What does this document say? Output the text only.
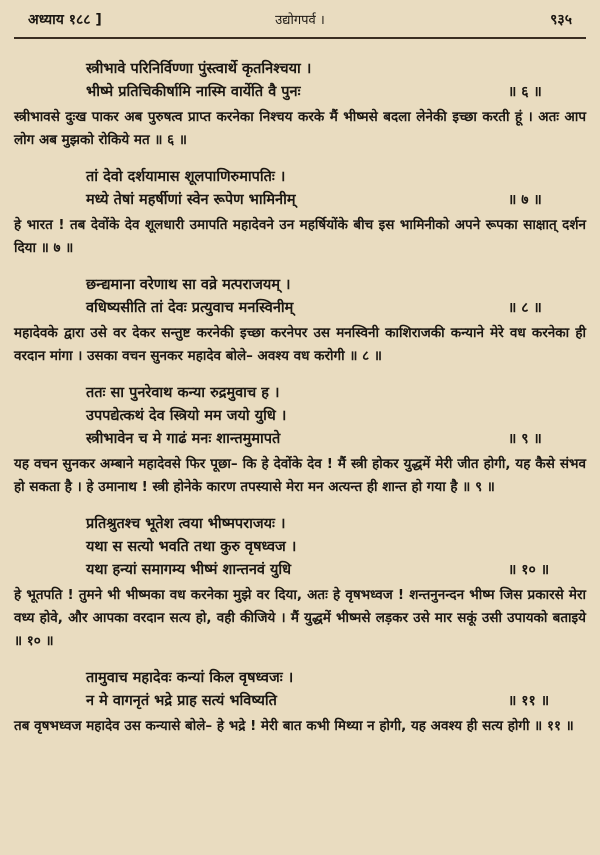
अध्याय १८८ ]	उद्योगपर्व ।	९३५
स्त्रीभावे परिनिर्विण्णा पुंस्त्वार्थे कृतनिश्चया ।
भीष्मे प्रतिचिकीर्षामि नास्मि वार्येति वै पुनः	॥ ६ ॥

स्त्रीभावसे दुःख पाकर अब पुरुषत्व प्राप्त करनेका निश्चय करके मैं भीष्मसे बदला लेनेकी इच्छा करती हूं । अतः आप लोग अब मुझको रोकिये मत ॥ ६ ॥

तां देवो दर्शयामास शूलपाणिरुमापतिः ।
मध्ये तेषां महर्षीणां स्वेन रूपेण भामिनीम्	॥ ७ ॥

हे भारत ! तब देवोंके देव शूलधारी उमापति महादेवने उन महर्षियोंके बीच इस भामिनीको अपने रूपका साक्षात् दर्शन दिया ॥ ७ ॥

छन्द्यमाना वरेणाथ सा वव्रे मत्पराजयम् ।
वधिष्यसीति तां देवः प्रत्युवाच मनस्विनीम्	॥ ८ ॥

महादेवके द्वारा उसे वर देकर सन्तुष्ट करनेकी इच्छा करनेपर उस मनस्विनी काशिराजकी कन्याने मेरे वध करनेका ही वरदान मांगा । उसका वचन सुनकर महादेव बोले– अवश्य वध करोगी ॥ ८ ॥

ततः सा पुनरेवाथ कन्या रुद्रमुवाच ह ।
उपपद्येत्कथं देव स्त्रियो मम जयो युधि ।
स्त्रीभावेन च मे गाढं मनः शान्तमुमापते	॥ ९ ॥

यह वचन सुनकर अम्बाने महादेवसे फिर पूछा– कि हे देवोंके देव ! मैं स्त्री होकर युद्धमें मेरी जीत होगी, यह कैसे संभव हो सकता है । हे उमानाथ ! स्त्री होनेके कारण तपस्यासे मेरा मन अत्यन्त ही शान्त हो गया है ॥ ९ ॥

प्रतिश्रुतश्च भूतेश त्वया भीष्मपराजयः ।
यथा स सत्यो भवति तथा कुरु वृषध्वज ।
यथा हन्यां समागम्य भीष्मं शान्तनवं युधि	॥ १० ॥

हे भूतपति ! तुमने भी भीष्मका वध करनेका मुझे वर दिया, अतः हे वृषभध्वज ! शन्तनुनन्दन भीष्म जिस प्रकारसे मेरा वध्य होवे, और आपका वरदान सत्य हो, वही कीजिये । मैं युद्धमें भीष्मसे लड़कर उसे मार सकूं उसी उपायको बताइये ॥ १० ॥

तामुवाच महादेवः कन्यां किल वृषध्वजः ।
न मे वागनृतं भद्रे प्राह सत्यं भविष्यति	॥ ११ ॥

तब वृषभध्वज महादेव उस कन्यासे बोले– हे भद्रे ! मेरी बात कभी मिथ्या न होगी, यह अवश्य ही सत्य होगी ॥ ११ ॥
